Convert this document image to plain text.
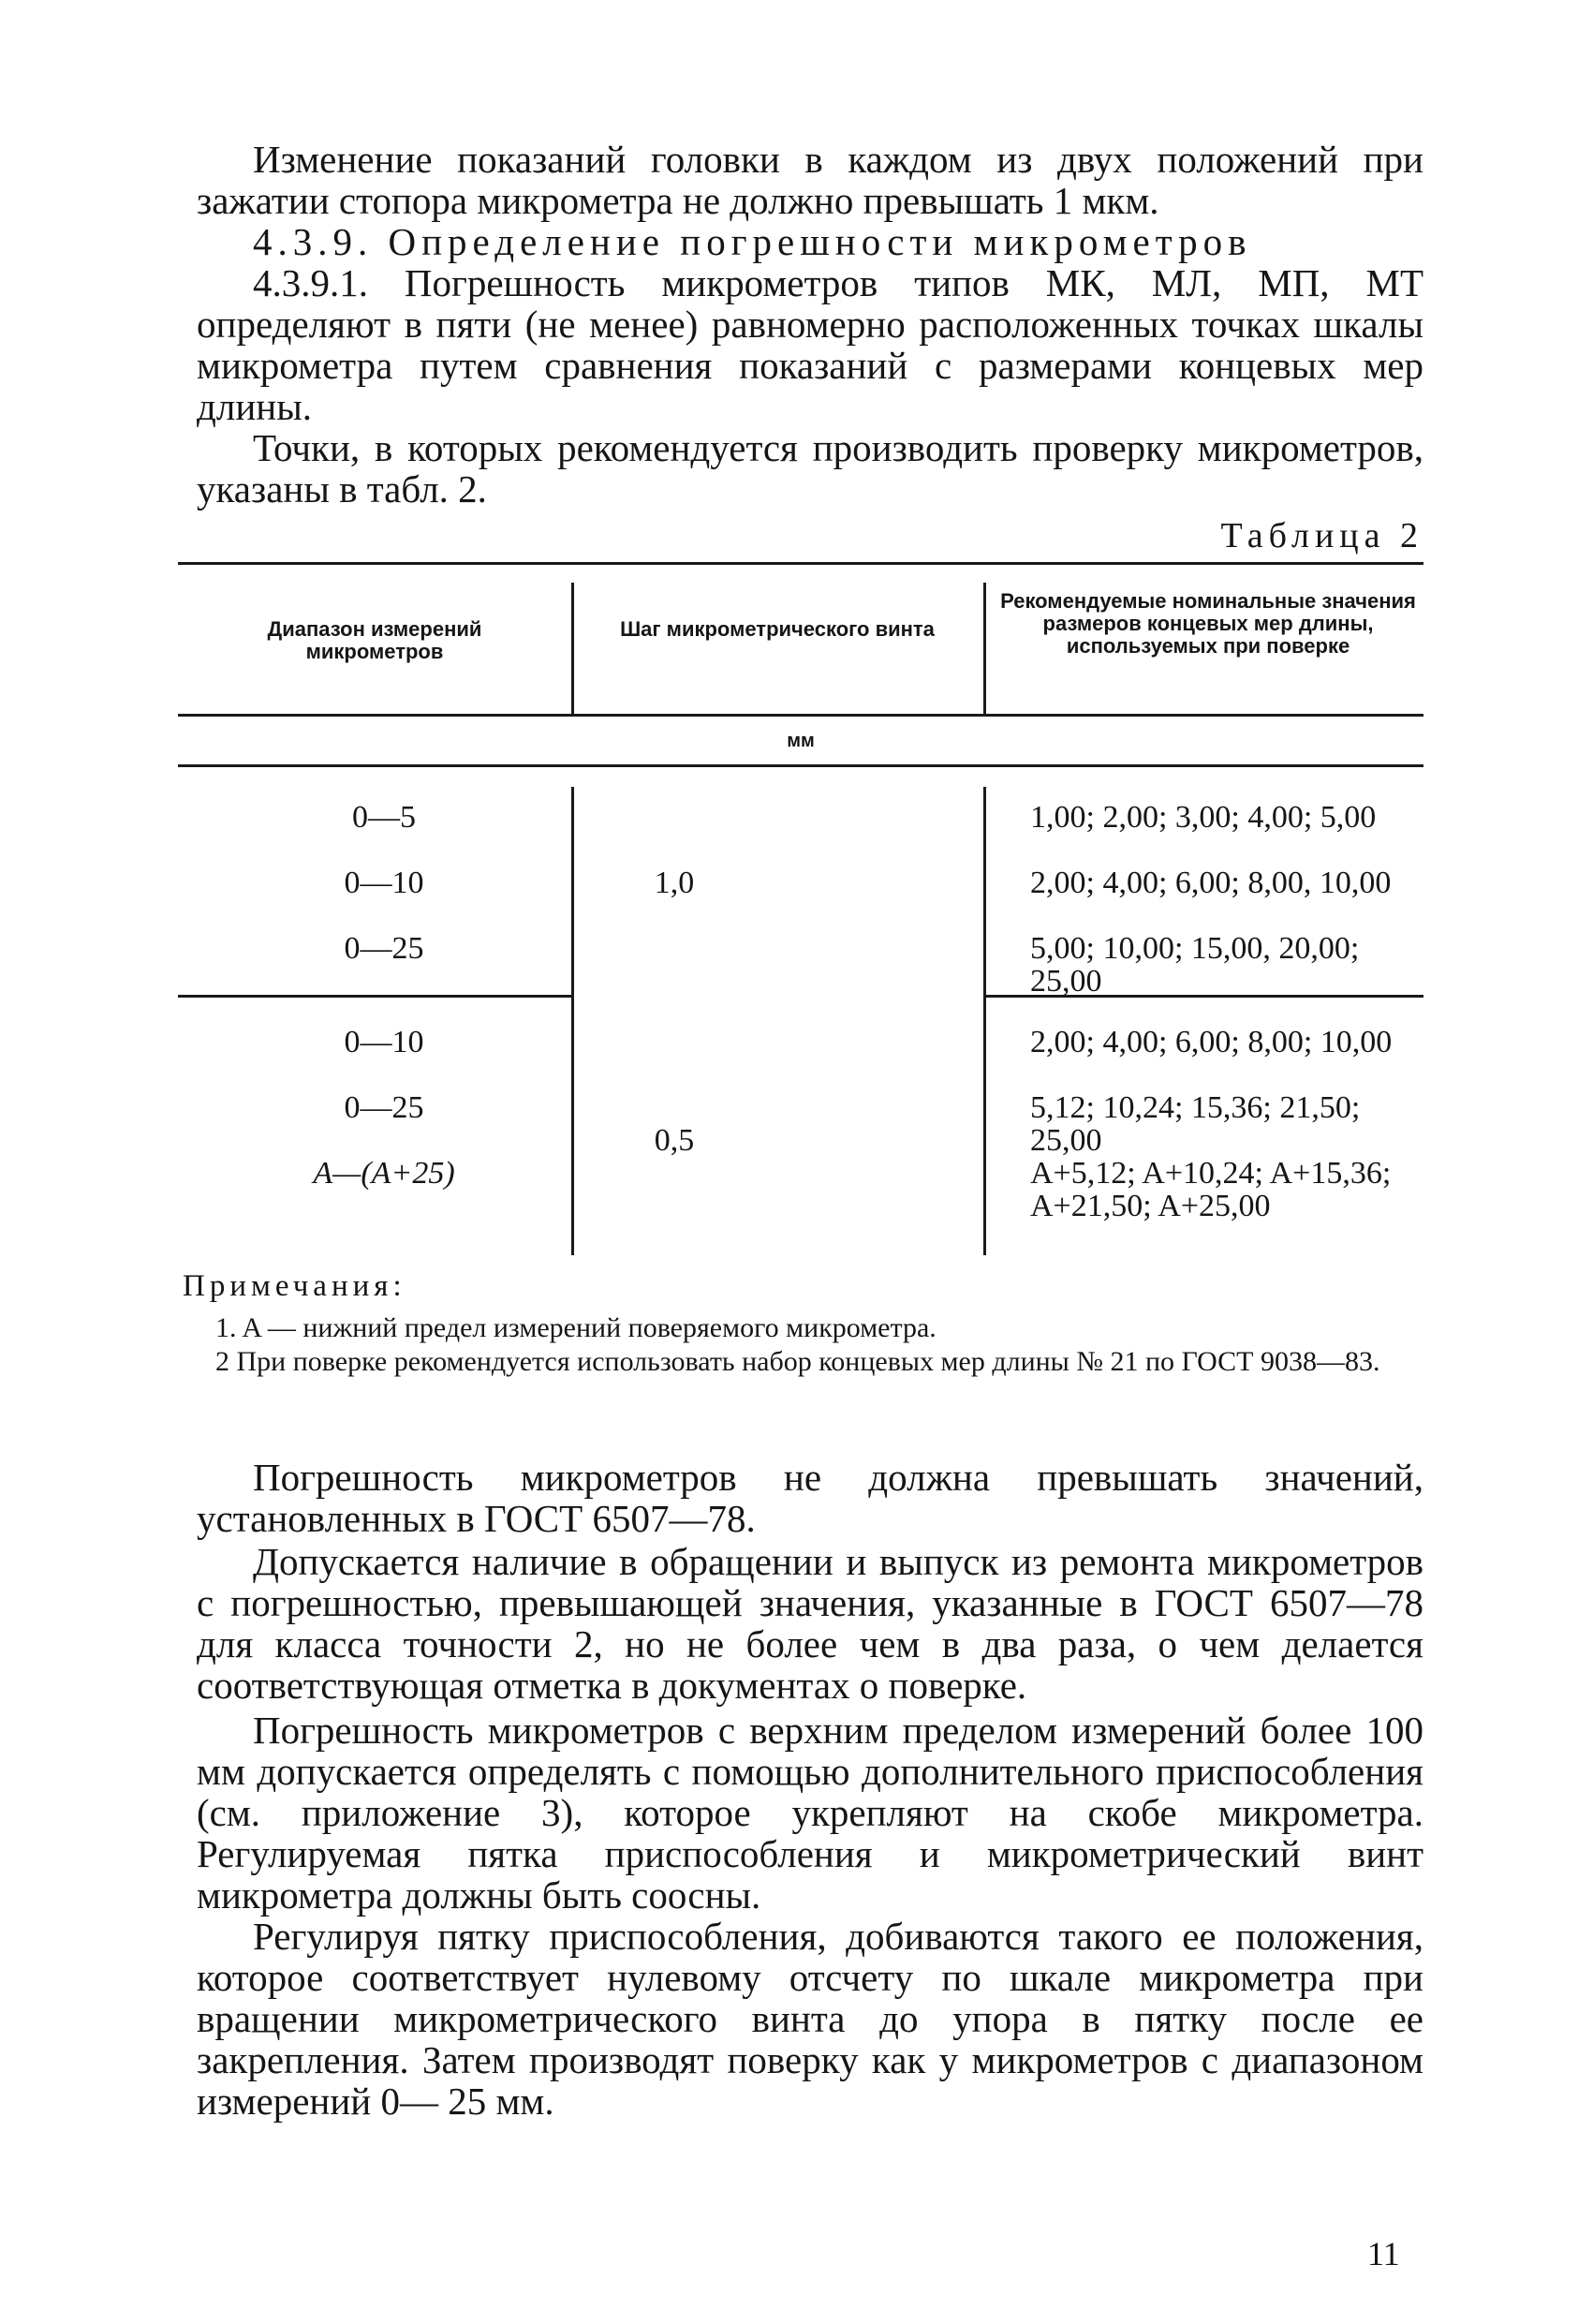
Изменение показаний головки в каждом из двух положений при зажатии стопора микрометра не должно превышать 1 мкм.

4.3.9. Определение погрешности микрометров

4.3.9.1. Погрешность микрометров типов МК, МЛ, МП, МТ определяют в пяти (не менее) равномерно расположенных точках шкалы микрометра путем сравнения показаний с размерами концевых мер длины.

Точки, в которых рекомендуется производить проверку микрометров, указаны в табл. 2.

Таблица 2
Диапазон измерений микрометров
Шаг микрометрического винта
Рекомендуемые номинальные значения размеров концевых мер длины, используемых при поверке
мм
0—5
0—10
0—25
1,0
1,00; 2,00; 3,00; 4,00; 5,00
2,00; 4,00; 6,00; 8,00, 10,00
5,00; 10,00; 15,00, 20,00; 25,00
0—10
0—25
A—(A+25)
0,5
2,00; 4,00; 6,00; 8,00; 10,00
5,12; 10,24; 15,36; 21,50; 25,00
A+5,12; A+10,24; A+15,36; A+21,50; A+25,00
Примечания:
1. A — нижний предел измерений поверяемого микрометра.
2 При поверке рекомендуется использовать набор концевых мер длины № 21 по ГОСТ 9038—83.

Погрешность микрометров не должна превышать значений, установленных в ГОСТ 6507—78.

Допускается наличие в обращении и выпуск из ремонта микрометров с погрешностью, превышающей значения, указанные в ГОСТ 6507—78 для класса точности 2, но не более чем в два раза, о чем делается соответствующая отметка в документах о поверке.

Погрешность микрометров с верхним пределом измерений более 100 мм допускается определять с помощью дополнительного приспособления (см. приложение 3), которое укрепляют на скобе микрометра. Регулируемая пятка приспособления и микрометрический винт микрометра должны быть соосны.

Регулируя пятку приспособления, добиваются такого ее положения, которое соответствует нулевому отсчету по шкале микрометра при вращении микрометрического винта до упора в пятку после ее закрепления. Затем производят поверку как у микрометров с диапазоном измерений 0— 25 мм.

11
